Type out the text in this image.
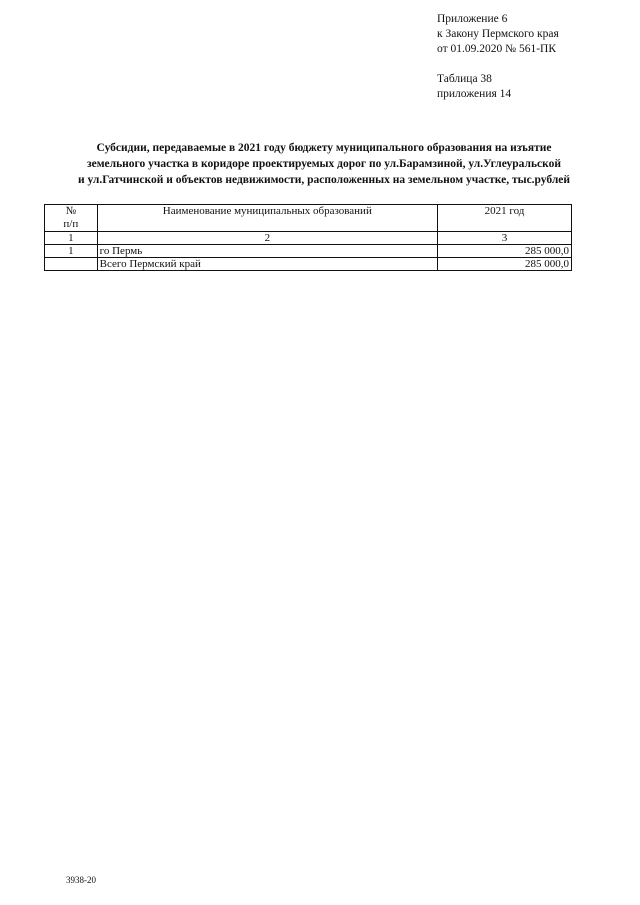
Приложение 6
к Закону Пермского края
от 01.09.2020 № 561-ПК
Таблица 38
приложения 14
Субсидии, передаваемые в 2021 году бюджету муниципального образования на изъятие
земельного участка в коридоре проектируемых дорог по ул.Барамзиной, ул.Углеуральской
и ул.Гатчинской и объектов недвижимости, расположенных на земельном участке, тыс.рублей
№
п/п	Наименование муниципальных образований	2021 год
1	2	3
1	го Пермь	285 000,0
	Всего Пермский край	285 000,0
3938-20
